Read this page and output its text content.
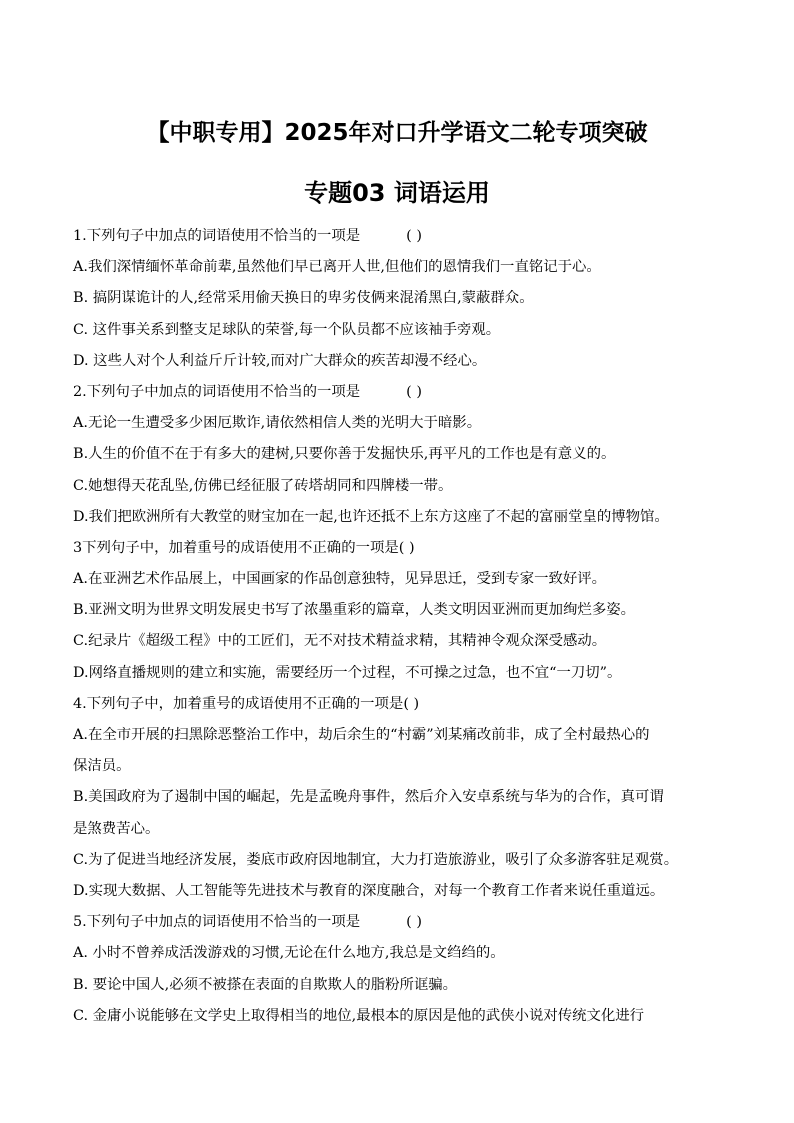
【中职专用】2025年对口升学语文二轮专项突破
专题03 词语运用
1.下列句子中加点的词语使用不恰当的一项是	( )
A.我们深情缅怀革命前辈,虽然他们早已离开人世,但他们的恩情我们一直铭记于心。
B. 搞阴谋诡计的人,经常采用偷天换日的卑劣伎俩来混淆黑白,蒙蔽群众。
C. 这件事关系到整支足球队的荣誉,每一个队员都不应该袖手旁观。
D. 这些人对个人利益斤斤计较,而对广大群众的疾苦却漫不经心。
2.下列句子中加点的词语使用不恰当的一项是	( )
A.无论一生遭受多少困厄欺诈,请依然相信人类的光明大于暗影。
B.人生的价值不在于有多大的建树,只要你善于发掘快乐,再平凡的工作也是有意义的。
C.她想得天花乱坠,仿佛已经征服了砖塔胡同和四牌楼一带。
D.我们把欧洲所有大教堂的财宝加在一起,也许还抵不上东方这座了不起的富丽堂皇的博物馆。
3下列句子中，加着重号的成语使用不正确的一项是( )
A.在亚洲艺术作品展上，中国画家的作品创意独特，见异思迁，受到专家一致好评。
B.亚洲文明为世界文明发展史书写了浓墨重彩的篇章，人类文明因亚洲而更加绚烂多姿。
C.纪录片《超级工程》中的工匠们，无不对技术精益求精，其精神令观众深受感动。
D.网络直播规则的建立和实施，需要经历一个过程，不可操之过急，也不宜“一刀切”。
4.下列句子中，加着重号的成语使用不正确的一项是( )
A.在全市开展的扫黑除恶整治工作中，劫后余生的“村霸”刘某痛改前非，成了全村最热心的
保洁员。
B.美国政府为了遏制中国的崛起，先是孟晚舟事件，然后介入安卓系统与华为的合作，真可谓
是煞费苦心。
C.为了促进当地经济发展，娄底市政府因地制宜，大力打造旅游业，吸引了众多游客驻足观赏。
D.实现大数据、人工智能等先进技术与教育的深度融合，对每一个教育工作者来说任重道远。
5.下列句子中加点的词语使用不恰当的一项是	( )
A. 小时不曾养成活泼游戏的习惯,无论在什么地方,我总是文绉绉的。
B. 要论中国人,必须不被搽在表面的自欺欺人的脂粉所诓骗。
C. 金庸小说能够在文学史上取得相当的地位,最根本的原因是他的武侠小说对传统文化进行
